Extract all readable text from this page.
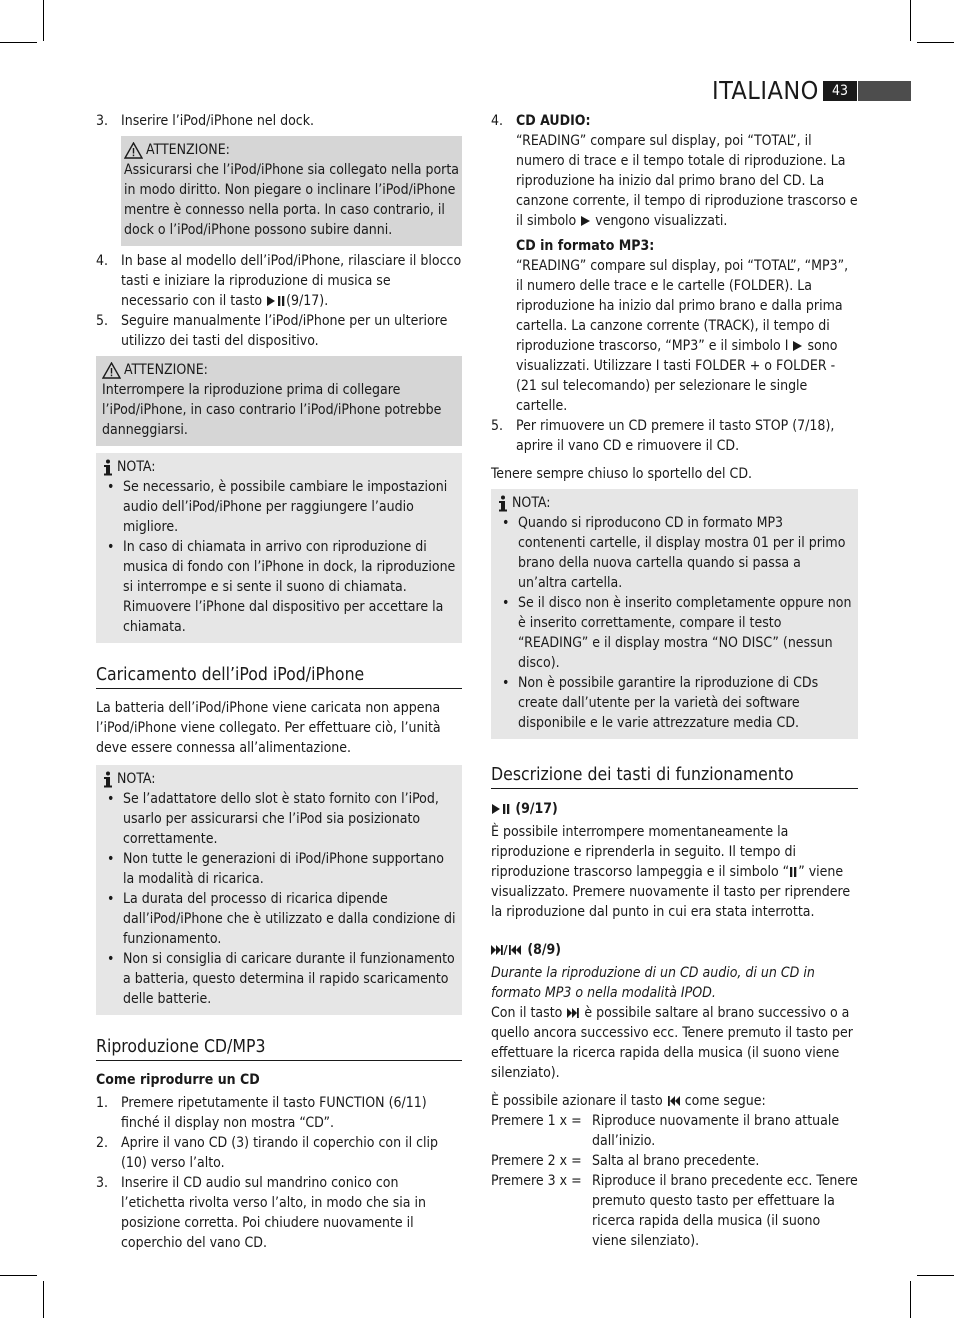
ITALIANO 43
3. Inserire l’iPod/iPhone nel dock.
ATTENZIONE:
Assicurarsi che l’iPod/iPhone sia collegato nella porta in modo diritto. Non piegare o inclinare l’iPod/iPhone mentre è connesso nella porta. In caso contrario, il dock o l’iPod/iPhone possono subire danni.
4. In base al modello dell’iPod/iPhone, rilasciare il blocco tasti e iniziare la riproduzione di musica se necessario con il tasto (9/17).
5. Seguire manualmente l’iPod/iPhone per un ulteriore utilizzo dei tasti del dispositivo.
ATTENZIONE:
Interrompere la riproduzione prima di collegare l’iPod/iPhone, in caso contrario l’iPod/iPhone potrebbe danneggiarsi.
NOTA:
• Se necessario, è possibile cambiare le impostazioni audio dell’iPod/iPhone per raggiungere l’audio migliore.
• In caso di chiamata in arrivo con riproduzione di musica di fondo con l’iPhone in dock, la riproduzione si interrompe e si sente il suono di chiamata. Rimuovere l’iPhone dal dispositivo per accettare la chiamata.
Caricamento dell’iPod iPod/iPhone
La batteria dell’iPod/iPhone viene caricata non appena l’iPod/iPhone viene collegato. Per effettuare ciò, l’unità deve essere connessa all’alimentazione.
NOTA:
• Se l’adattatore dello slot è stato fornito con l’iPod, usarlo per assicurarsi che l’iPod sia posizionato correttamente.
• Non tutte le generazioni di iPod/iPhone supportano la modalità di ricarica.
• La durata del processo di ricarica dipende dall’iPod/iPhone che è utilizzato e dalla condizione di funzionamento.
• Non si consiglia di caricare durante il funzionamento a batteria, questo determina il rapido scaricamento delle batterie.
Riproduzione CD/MP3
Come riprodurre un CD
1. Premere ripetutamente il tasto FUNCTION (6/11) finché il display non mostra “CD”.
2. Aprire il vano CD (3) tirando il coperchio con il clip (10) verso l’alto.
3. Inserire il CD audio sul mandrino conico con l’etichetta rivolta verso l’alto, in modo che sia in posizione corretta. Poi chiudere nuovamente il coperchio del vano CD.
4. CD AUDIO:
“READING” compare sul display, poi “TOTAL”, il numero di trace e il tempo totale di riproduzione. La riproduzione ha inizio dal primo brano del CD. La canzone corrente, il tempo di riproduzione trascorso e il simbolo  vengono visualizzati.
CD in formato MP3:
“READING” compare sul display, poi “TOTAL”, “MP3”, il numero delle trace e le cartelle (FOLDER). La riproduzione ha inizio dal primo brano e dalla prima cartella. La canzone corrente (TRACK), il tempo di riproduzione trascorso, “MP3” e il simbolo I  sono visualizzati. Utilizzare I tasti FOLDER + o FOLDER - (21 sul telecomando) per selezionare le single cartelle.
5. Per rimuovere un CD premere il tasto STOP (7/18), aprire il vano CD e rimuovere il CD.
Tenere sempre chiuso lo sportello del CD.
NOTA:
• Quando si riproducono CD in formato MP3 contenenti cartelle, il display mostra 01 per il primo brano della nuova cartella quando si passa a un’altra cartella.
• Se il disco non è inserito completamente oppure non è inserito correttamente, compare il testo “READING” e il display mostra “NO DISC” (nessun disco).
• Non è possibile garantire la riproduzione di CDs create dall’utente per la varietà dei software disponibile e le varie attrezzature media CD.
Descrizione dei tasti di funzionamento
(9/17)
È possibile interrompere momentaneamente la riproduzione e riprenderla in seguito. Il tempo di riproduzione trascorso lampeggia e il simbolo “ ” viene visualizzato. Premere nuovamente il tasto per riprendere la riproduzione dal punto in cui era stata interrotta.
(8/9)
Durante la riproduzione di un CD audio, di un CD in formato MP3 o nella modalità IPOD.
Con il tasto  è possibile saltare al brano successivo o a quello ancora successivo ecc. Tenere premuto il tasto per effettuare la ricerca rapida della musica (il suono viene silenziato).
È possibile azionare il tasto  come segue:
Premere 1 x = Riproduce nuovamente il brano attuale dall’inizio.
Premere 2 x = Salta al brano precedente.
Premere 3 x = Riproduce il brano precedente ecc. Tenere premuto questo tasto per effettuare la ricerca rapida della musica (il suono viene silenziato).
